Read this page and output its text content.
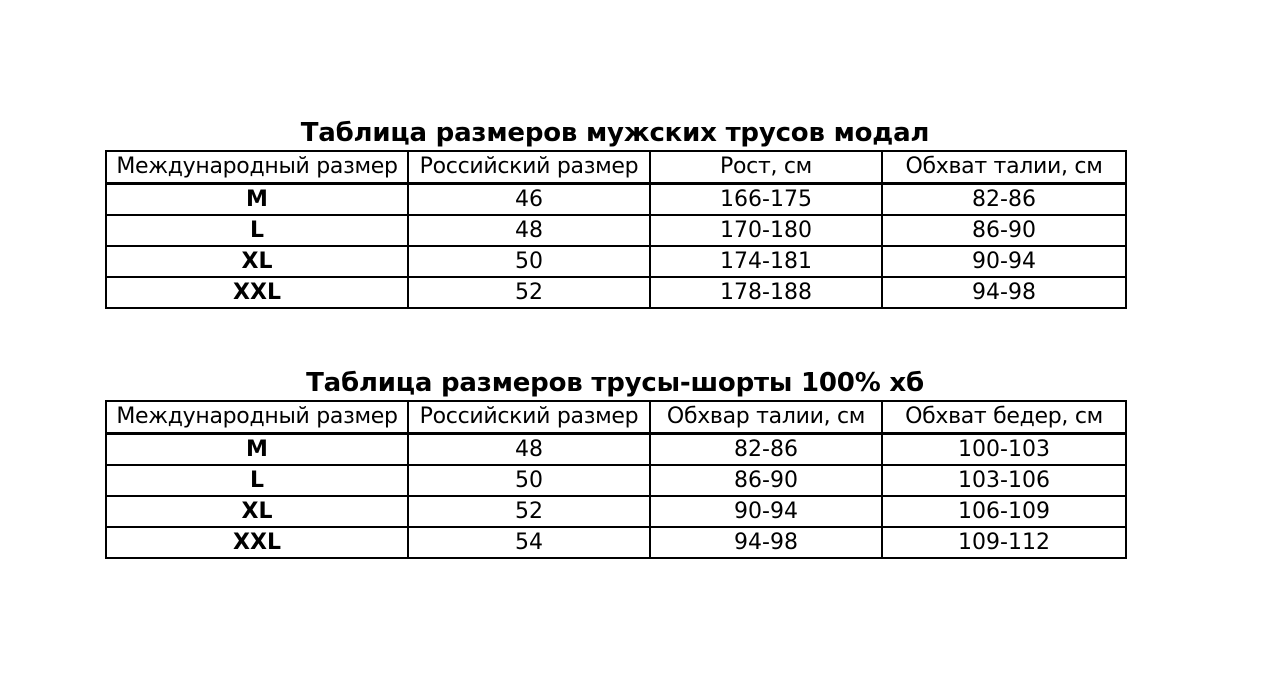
Таблица размеров мужских трусов модал
Международный размер	Российский размер	Рост, см	Обхват талии, см
M	46	166-175	82-86
L	48	170-180	86-90
XL	50	174-181	90-94
XXL	52	178-188	94-98
Таблица размеров трусы-шорты 100% хб
Международный размер	Российский размер	Обхвар талии, см	Обхват бедер, см
M	48	82-86	100-103
L	50	86-90	103-106
XL	52	90-94	106-109
XXL	54	94-98	109-112
